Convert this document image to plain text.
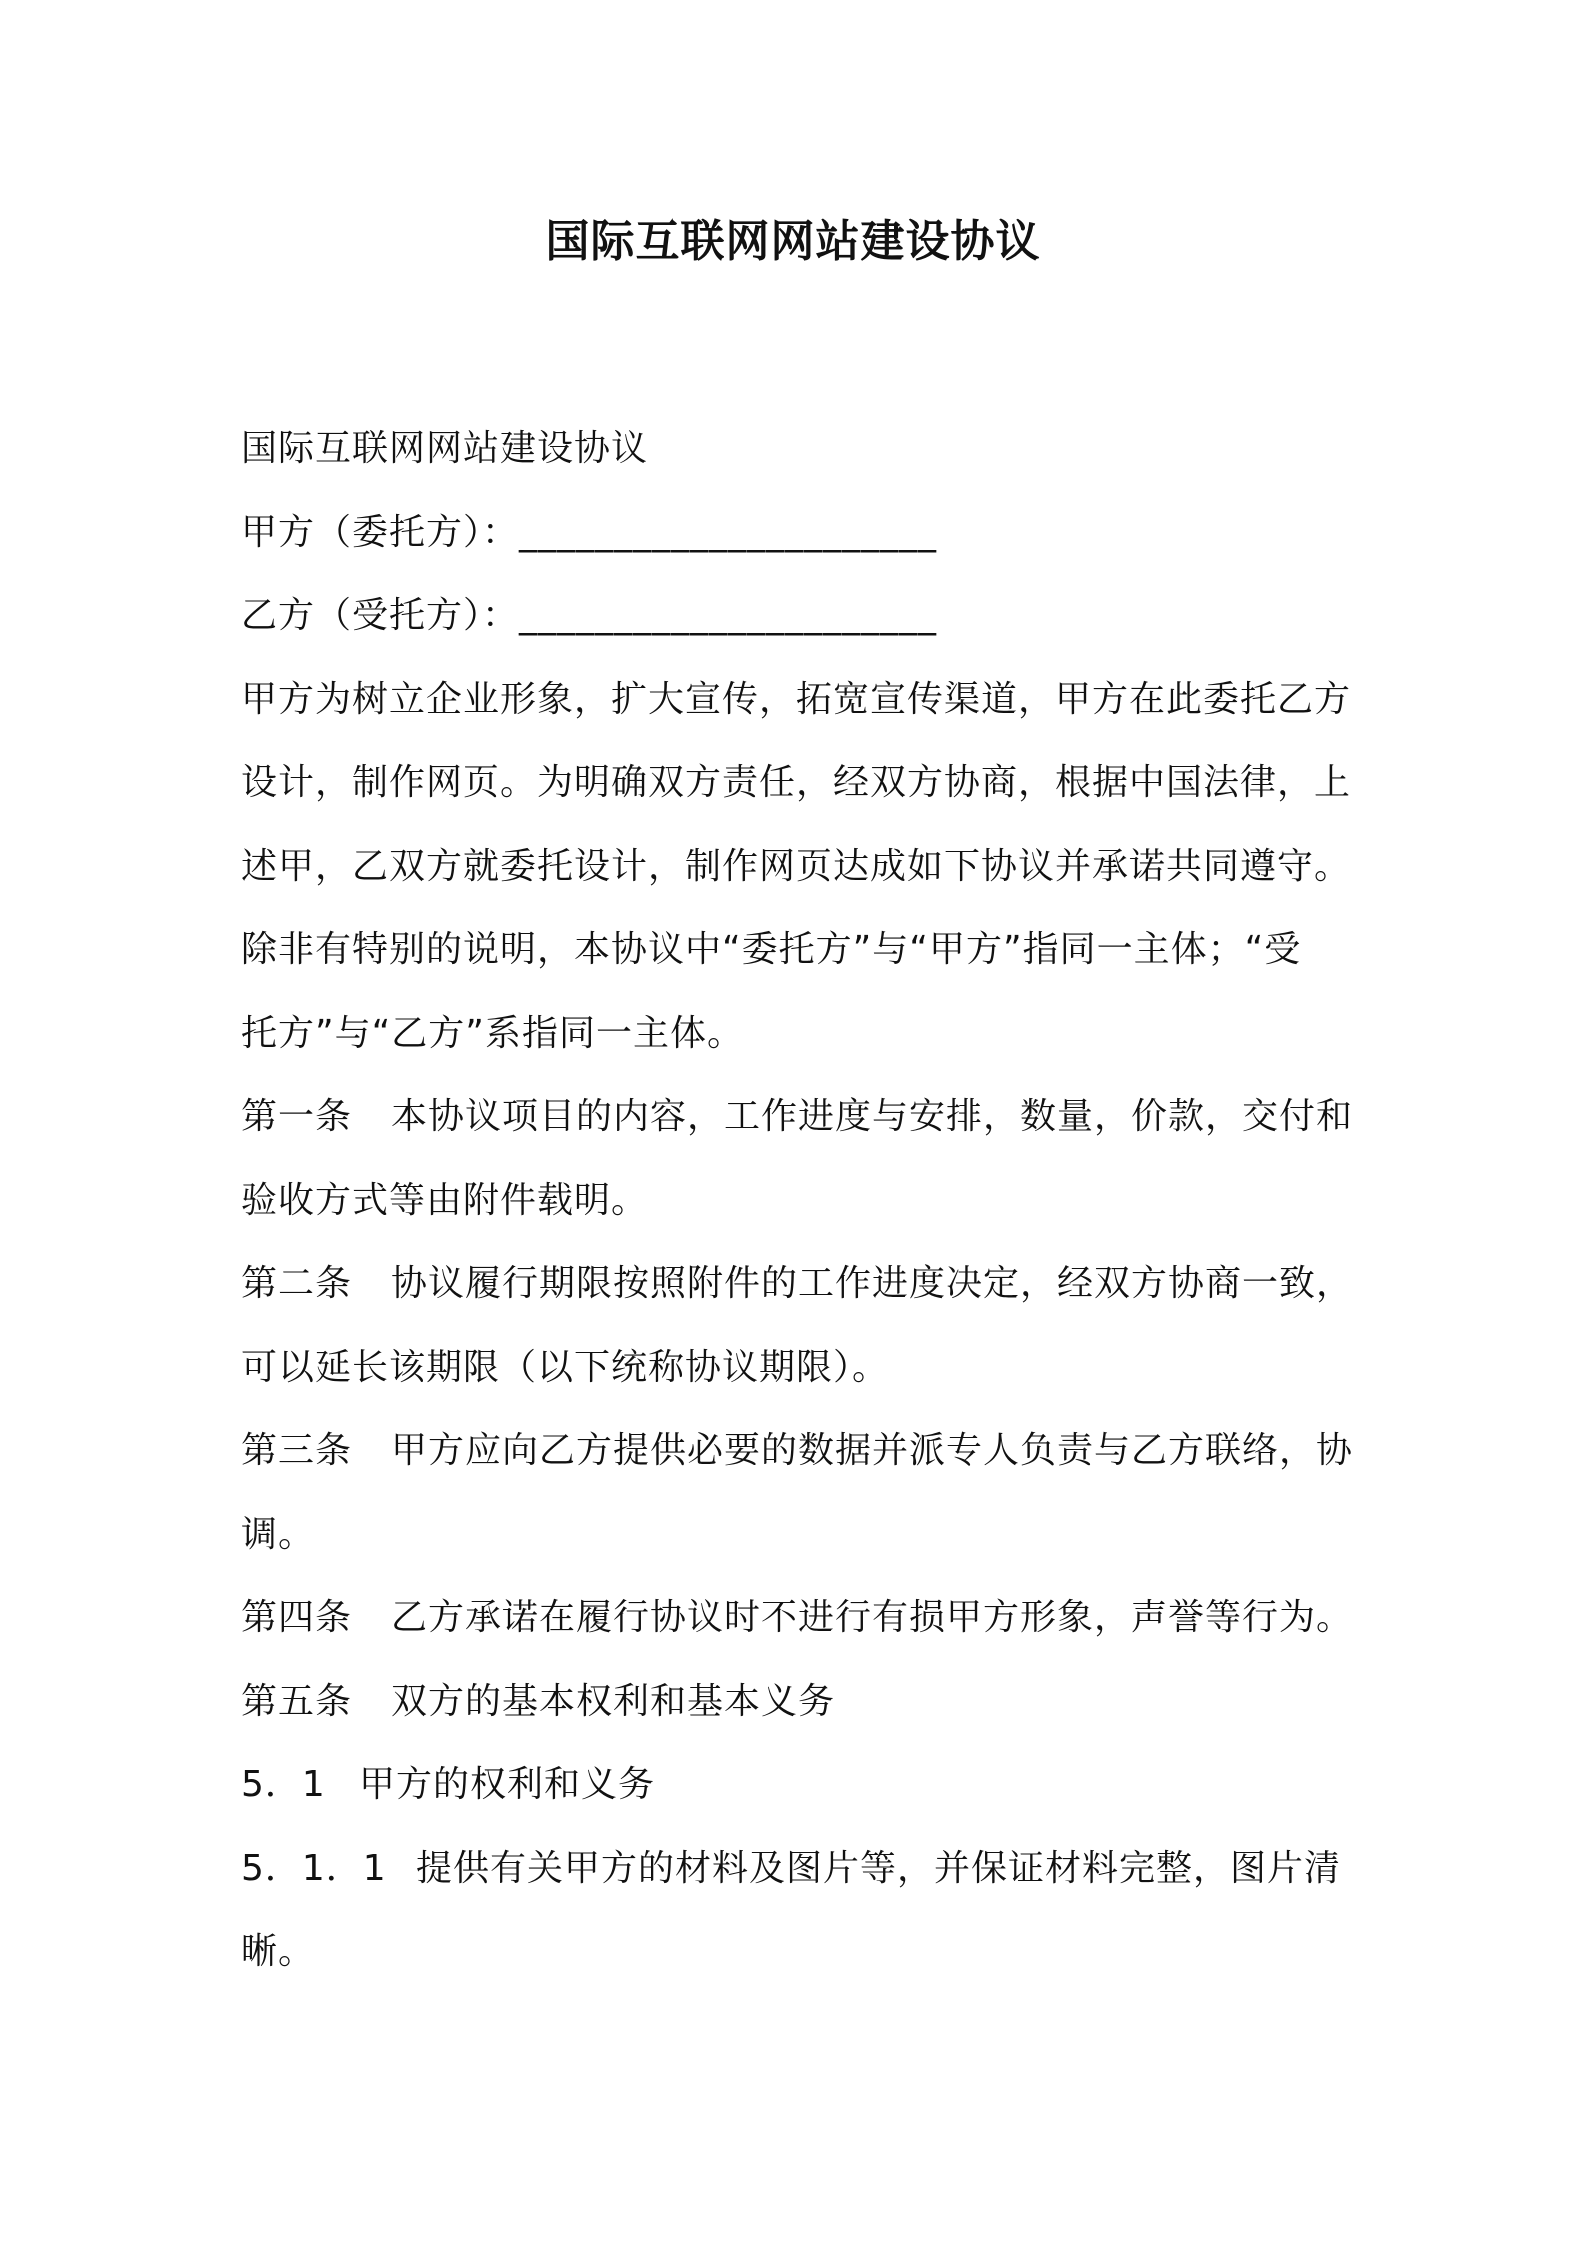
国际互联网网站建设协议
国际互联网网站建设协议
甲方（委托方）：______________________
乙方（受托方）：______________________
甲方为树立企业形象，扩大宣传，拓宽宣传渠道，甲方在此委托乙方
设计，制作网页。为明确双方责任，经双方协商，根据中国法律，上
述甲，乙双方就委托设计，制作网页达成如下协议并承诺共同遵守。
除非有特别的说明，本协议中“委托方”与“甲方”指同一主体；“受
托方”与“乙方”系指同一主体。
第一条 本协议项目的内容，工作进度与安排，数量，价款，交付和
验收方式等由附件载明。
第二条 协议履行期限按照附件的工作进度决定，经双方协商一致，
可以延长该期限（以下统称协议期限）。
第三条 甲方应向乙方提供必要的数据并派专人负责与乙方联络，协
调。
第四条 乙方承诺在履行协议时不进行有损甲方形象，声誉等行为。
第五条 双方的基本权利和基本义务
5．1 甲方的权利和义务
5．1．1 提供有关甲方的材料及图片等，并保证材料完整，图片清
晰。
